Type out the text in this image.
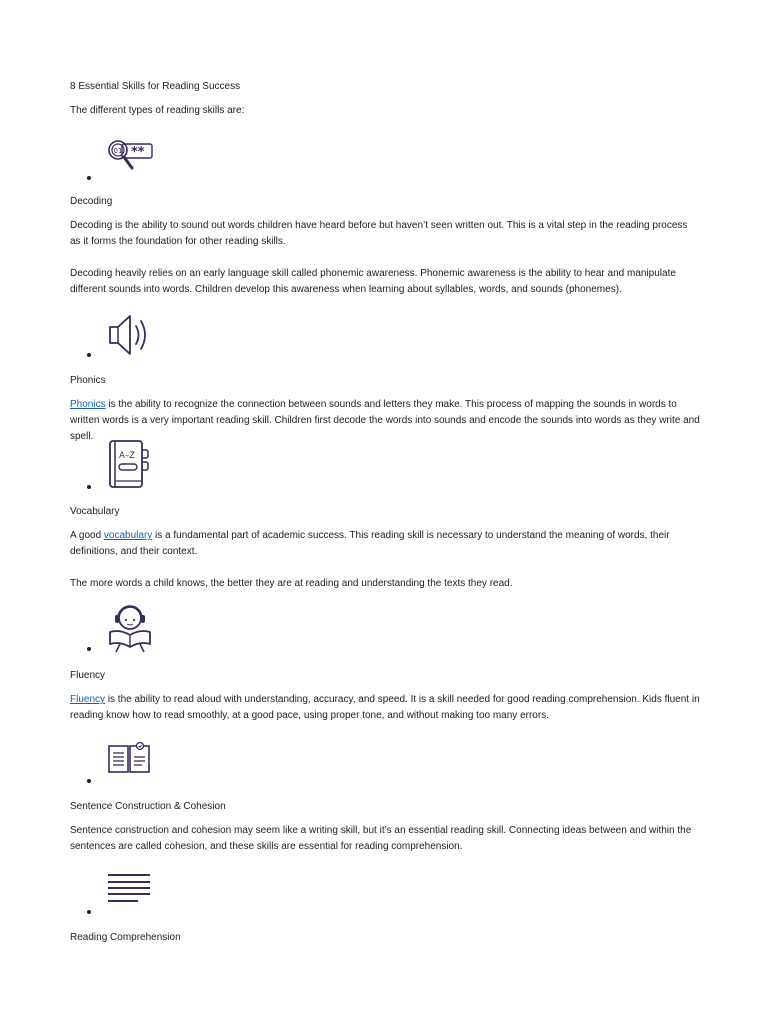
8 Essential Skills for Reading Success

The different types of reading skills are:

01 **

Decoding

Decoding is the ability to sound out words children have heard before but haven’t seen written out. This is a vital step in the reading process as it forms the foundation for other reading skills.

Decoding heavily relies on an early language skill called phonemic awareness. Phonemic awareness is the ability to hear and manipulate different sounds into words. Children develop this awareness when learning about syllables, words, and sounds (phonemes).

Phonics

Phonics is the ability to recognize the connection between sounds and letters they make. This process of mapping the sounds in words to written words is a very important reading skill. Children first decode the words into sounds and encode the sounds into words as they write and spell.

A–Z

Vocabulary

A good vocabulary is a fundamental part of academic success. This reading skill is necessary to understand the meaning of words, their definitions, and their context.

The more words a child knows, the better they are at reading and understanding the texts they read.

Fluency

Fluency is the ability to read aloud with understanding, accuracy, and speed. It is a skill needed for good reading comprehension. Kids fluent in reading know how to read smoothly, at a good pace, using proper tone, and without making too many errors.

Sentence Construction & Cohesion

Sentence construction and cohesion may seem like a writing skill, but it’s an essential reading skill. Connecting ideas between and within the sentences are called cohesion, and these skills are essential for reading comprehension.

Reading Comprehension
